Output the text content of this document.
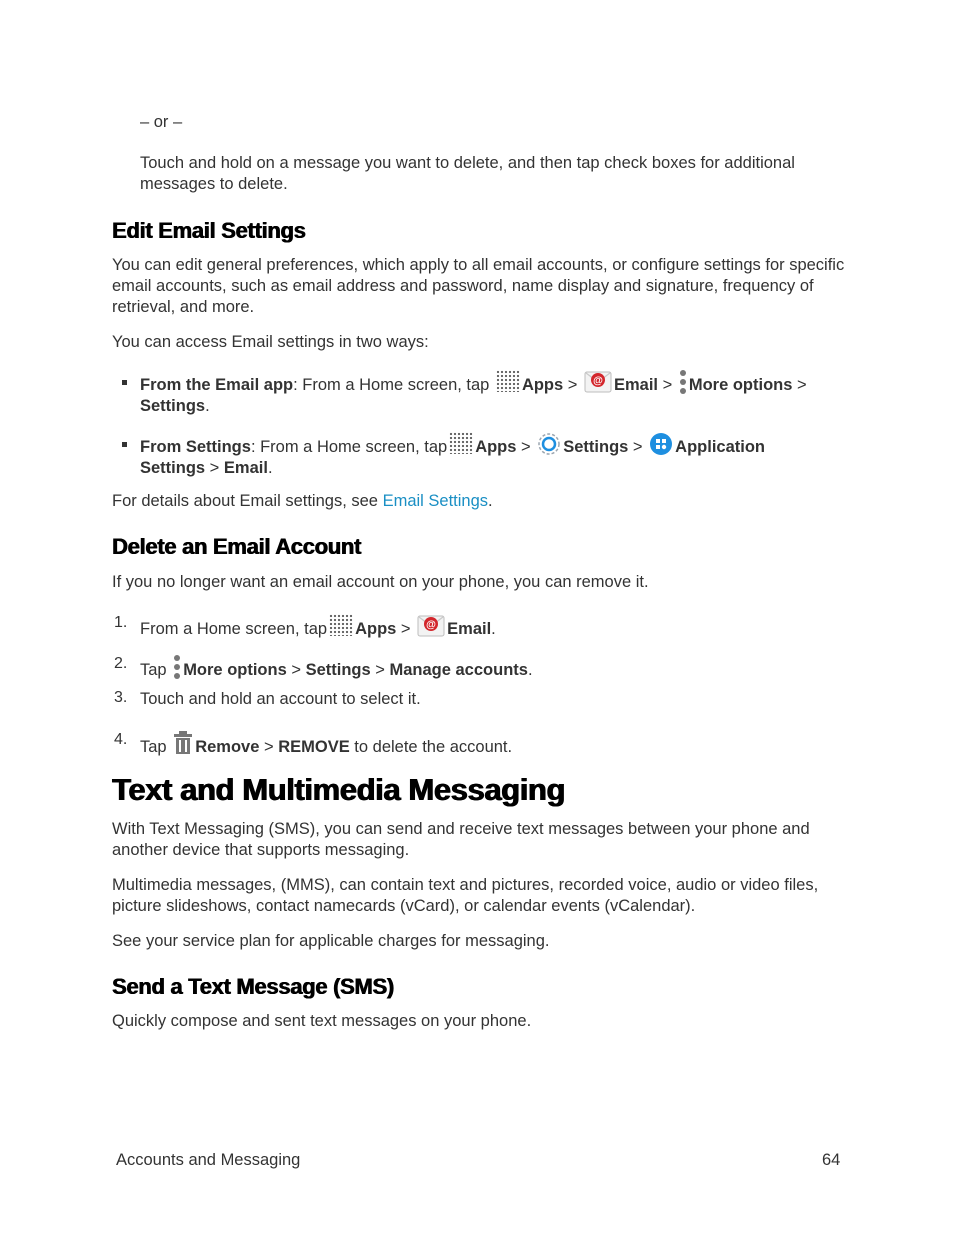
– or –
Touch and hold on a message you want to delete, and then tap check boxes for additional messages to delete.
Edit Email Settings
You can edit general preferences, which apply to all email accounts, or configure settings for specific email accounts, such as email address and password, name display and signature, frequency of retrieval, and more.
You can access Email settings in two ways:
From the Email app: From a Home screen, tap Apps > @ Email >
More options >
Settings.
From Settings: From a Home screen, tap Apps > Settings > Application
Settings > Email.
For details about Email settings, see Email Settings.
Delete an Email Account
If you no longer want an email account on your phone, you can remove it.
1. From a Home screen, tap Apps > @ Email.
2. Tap
More options > Settings > Manage accounts.
3. Touch and hold an account to select it.
4. Tap Remove > REMOVE to delete the account.
Text and Multimedia Messaging
With Text Messaging (SMS), you can send and receive text messages between your phone and another device that supports messaging.
Multimedia messages, (MMS), can contain text and pictures, recorded voice, audio or video files, picture slideshows, contact namecards (vCard), or calendar events (vCalendar).
See your service plan for applicable charges for messaging.
Send a Text Message (SMS)
Quickly compose and sent text messages on your phone.
Accounts and Messaging	64
